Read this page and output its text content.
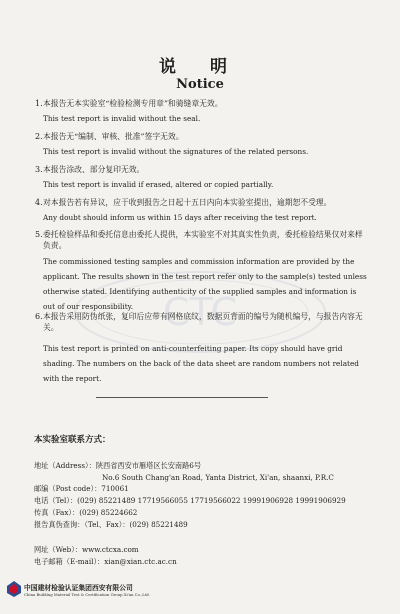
CTC
说 明
Notice
1. 本报告无本实验室“检验检测专用章”和骑缝章无效。
This test report is invalid without the seal.
2. 本报告无“编制、审核、批准”签字无效。
This test report is invalid without the signatures of the related persons.
3. 本报告涂改、部分复印无效。
This test report is invalid if erased, altered or copied partially.
4. 对本报告若有异议，应于收到报告之日起十五日内向本实验室提出，逾期恕不受理。
Any doubt should inform us within 15 days after receiving the test report.
5. 委托检验样品和委托信息由委托人提供，本实验室不对其真实性负责，委托检验结果仅对来样负责。
The commissioned testing samples and commission information are provided by the applicant. The results shown in the test report refer only to the sample(s) tested unless otherwise stated. Identifying authenticity of the supplied samples and information is out of our responsibility.
6. 本报告采用防伪纸张，复印后应带有网格底纹，数据页背面的编号为随机编号，与报告内容无关。
This test report is printed on anti-counterfeiting paper. Its copy should have grid shading. The numbers on the back of the data sheet are random numbers not related with the report.
本实验室联系方式：
地址（Address）：陕西省西安市雁塔区长安南路6号
No.6 South Chang'an Road, Yanta District, Xi'an, shaanxi, P.R.C
邮编（Post code）：710061
电话（Tel）：(029) 85221489 17719566055 17719566022 19991906928 19991906929
传真（Fax）：(029) 85224662
报告真伪查询：（Tel、Fax）：(029) 85221489
网址（Web）：www.ctcxa.com
电子邮箱（E-mail）：xian@xian.ctc.ac.cn
中国建材检验认证集团西安有限公司
China Building Material Test & Certification Group Xi'an Co.,Ltd.
